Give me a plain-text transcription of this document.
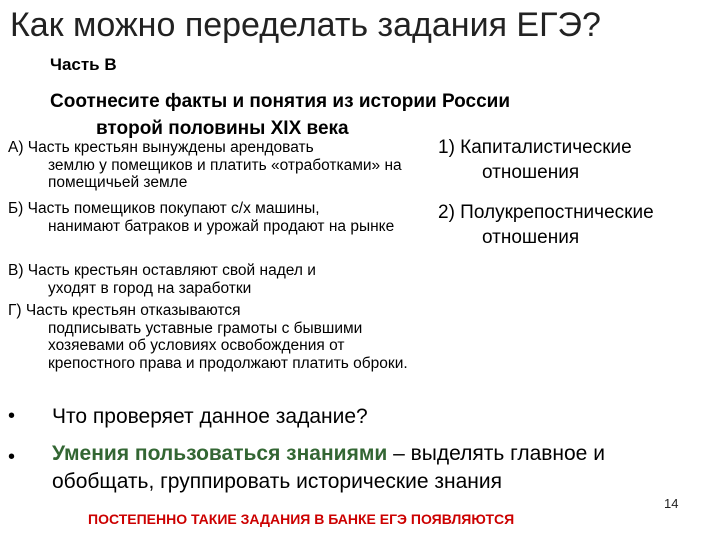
Как можно переделать задания ЕГЭ?
Часть В
Соотнесите факты и понятия из истории России
второй половины XIX века
А) Часть крестьян вынуждены арендовать
землю у помещиков и платить «отработками» на помещичьей земле
Б) Часть помещиков покупают с/х машины,
нанимают батраков и урожай продают на рынке
В) Часть крестьян оставляют свой надел и
уходят в город на заработки
Г) Часть крестьян отказываются
подписывать уставные грамоты с бывшими хозяевами об условиях освобождения от крепостного права и продолжают платить оброки.
1) Капиталистические
отношения
2) Полукрепостнические
отношения
• Что проверяет данное задание?
• Умения пользоваться знаниями – выделять главное и обобщать, группировать исторические знания
ПОСТЕПЕННО ТАКИЕ ЗАДАНИЯ В БАНКЕ ЕГЭ ПОЯВЛЯЮТСЯ
14
